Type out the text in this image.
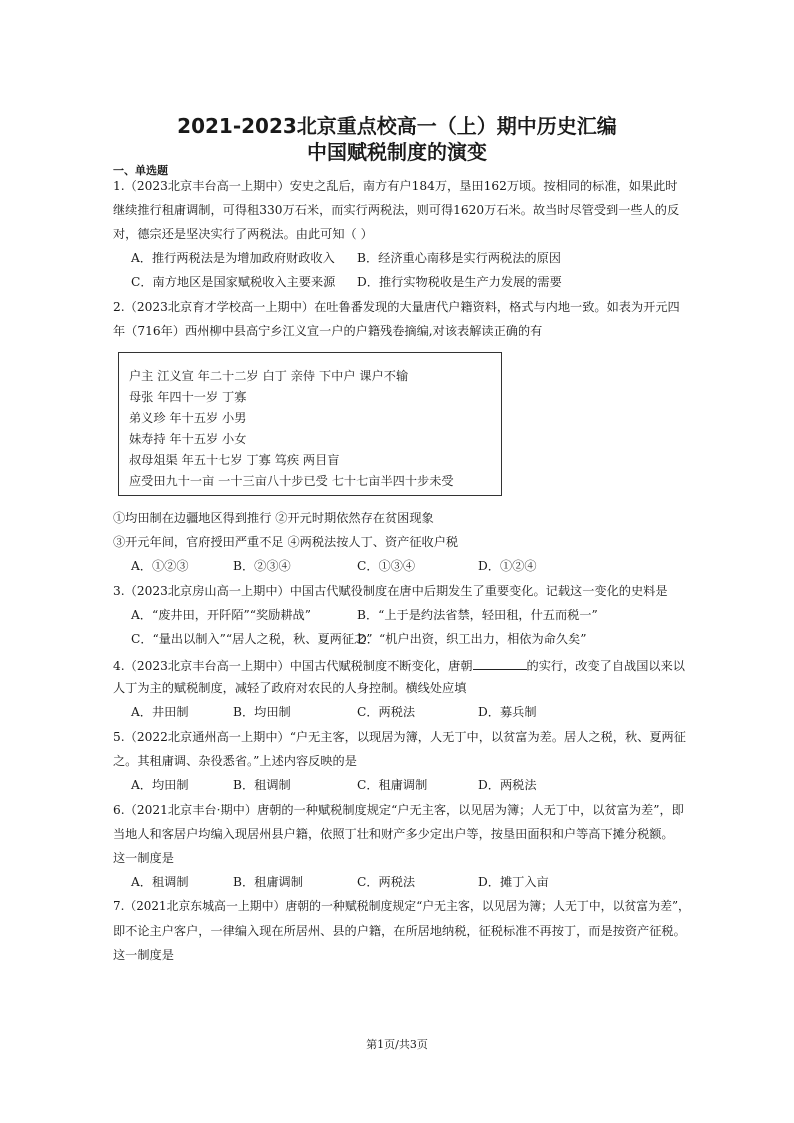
2021-2023北京重点校高一（上）期中历史汇编
中国赋税制度的演变
一、单选题
1.（2023北京丰台高一上期中）安史之乱后，南方有户184万，垦田162万顷。按相同的标准，如果此时
继续推行租庸调制，可得租330万石米，而实行两税法，则可得1620万石米。故当时尽管受到一些人的反
对，德宗还是坚决实行了两税法。由此可知（ ）
A．推行两税法是为增加政府财政收入 B．经济重心南移是实行两税法的原因
C．南方地区是国家赋税收入主要来源 D．推行实物税收是生产力发展的需要
2.（2023北京育才学校高一上期中）在吐鲁番发现的大量唐代户籍资料，格式与内地一致。如表为开元四
年（716年）西州柳中县高宁乡江义宣一户的户籍残卷摘编,对该表解读正确的有
户主 江义宣 年二十二岁 白丁 亲侍 下中户 课户不输
母张 年四十一岁 丁寡
弟义珍 年十五岁 小男
妹寿持 年十五岁 小女
叔母俎渠 年五十七岁 丁寡 笃疾 两目盲
应受田九十一亩 一十三亩八十步已受 七十七亩半四十步未受
①均田制在边疆地区得到推行 ②开元时期依然存在贫困现象
③开元年间，官府授田严重不足 ④两税法按人丁、资产征收户税
A．①②③	B．②③④	C．①③④	D．①②④
3.（2023北京房山高一上期中）中国古代赋役制度在唐中后期发生了重要变化。记载这一变化的史料是
A．“废井田，开阡陌”“奖励耕战”	B．“上于是约法省禁，轻田租，什五而税一”
C．“量出以制入”“居人之税，秋、夏两征之”
D．“机户出资，织工出力，相依为命久矣”
4.（2023北京丰台高一上期中）中国古代赋税制度不断变化，唐朝	的实行，改变了自战国以来以
人丁为主的赋税制度，减轻了政府对农民的人身控制。横线处应填
A．井田制	B．均田制	C．两税法	D．募兵制
5.（2022北京通州高一上期中）“户无主客，以现居为簿，人无丁中，以贫富为差。居人之税，秋、夏两征
之。其租庸调、杂役悉省。”上述内容反映的是
A．均田制	B．租调制	C．租庸调制	D．两税法
6.（2021北京丰台·期中）唐朝的一种赋税制度规定“户无主客，以见居为簿；人无丁中，以贫富为差”，即
当地人和客居户均编入现居州县户籍，依照丁壮和财产多少定出户等，按垦田面积和户等高下摊分税额。
这一制度是
A．租调制	B．租庸调制	C．两税法	D．摊丁入亩
7.（2021北京东城高一上期中）唐朝的一种赋税制度规定“户无主客，以见居为簿；人无丁中，以贫富为差”，
即不论主户客户，一律编入现在所居州、县的户籍，在所居地纳税，征税标准不再按丁，而是按资产征税。
这一制度是
第1页/共3页
